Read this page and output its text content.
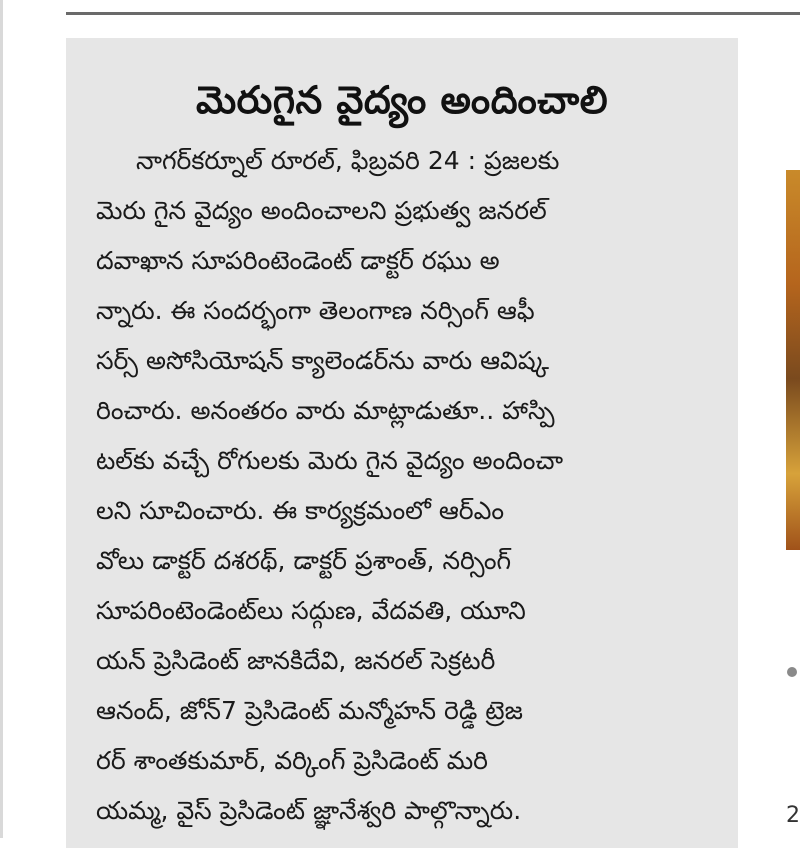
మెరుగైన వైద్యం అందించాలి
నాగర్‌కర్నూల్ రూరల్, ఫిబ్రవరి 24 : ప్రజలకు
మెరు గైన వైద్యం అందించాలని ప్రభుత్వ జనరల్
దవాఖాన సూపరింటెండెంట్ డాక్టర్ రఘు అ
న్నారు. ఈ సందర్భంగా తెలంగాణ నర్సింగ్ ఆఫీ
సర్స్ అసోసియోషన్ క్యాలెండర్‌ను వారు ఆవిష్క
రించారు. అనంతరం వారు మాట్లాడుతూ.. హాస్పి
టల్‌కు వచ్చే రోగులకు మెరు గైన వైద్యం అందించా
లని సూచించారు. ఈ కార్యక్రమంలో ఆర్‌ఎం
వోలు డాక్టర్ దశరథ్, డాక్టర్ ప్రశాంత్, నర్సింగ్
సూపరింటెండెంట్‌లు సద్గుణ, వేదవతి, యూని
యన్ ప్రెసిడెంట్ జానకిదేవి, జనరల్ సెక్రటరీ
ఆనంద్, జోన్7 ప్రెసిడెంట్ మన్మోహన్ రెడ్డి ట్రెజ
రర్ శాంతకుమార్, వర్కింగ్ ప్రెసిడెంట్ మరి
యమ్మ, వైస్ ప్రెసిడెంట్ జ్ఞానేశ్వరి పాల్గొన్నారు.	2
